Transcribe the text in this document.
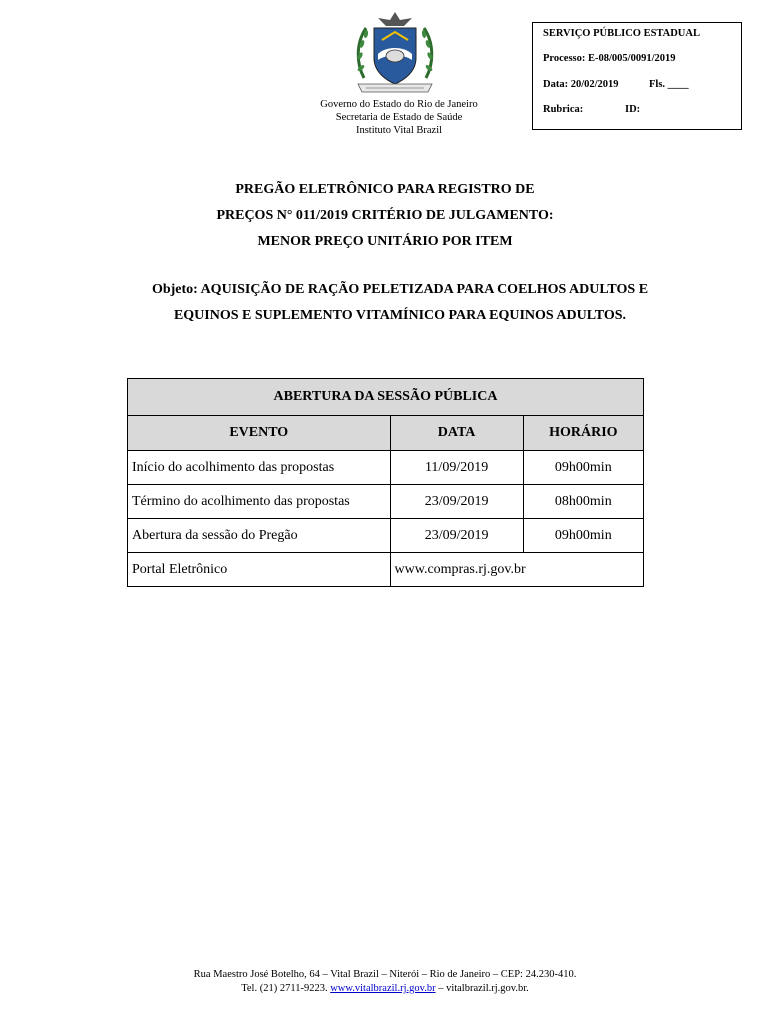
Governo do Estado do Rio de Janeiro
Secretaria de Estado de Saúde
Instituto Vital Brazil
SERVIÇO PÚBLICO ESTADUAL
Processo: E-08/005/0091/2019
Data: 20/02/2019	Fls. ____
Rubrica:	ID:
PREGÃO ELETRÔNICO PARA REGISTRO DE
PREÇOS N° 011/2019 CRITÉRIO DE JULGAMENTO:
MENOR PREÇO UNITÁRIO POR ITEM
Objeto: AQUISIÇÃO DE RAÇÃO PELETIZADA PARA COELHOS ADULTOS E
EQUINOS E SUPLEMENTO VITAMÍNICO PARA EQUINOS ADULTOS.
ABERTURA DA SESSÃO PÚBLICA		
EVENTO	DATA	HORÁRIO
Início do acolhimento das propostas	11/09/2019	09h00min
Término do acolhimento das propostas	23/09/2019	08h00min
Abertura da sessão do Pregão	23/09/2019	09h00min
Portal Eletrônico	www.compras.rj.gov.br	
Rua Maestro José Botelho, 64 – Vital Brazil – Niterói – Rio de Janeiro – CEP: 24.230-410.
Tel. (21) 2711-9223. www.vitalbrazil.rj.gov.br – vitalbrazil.rj.gov.br.
